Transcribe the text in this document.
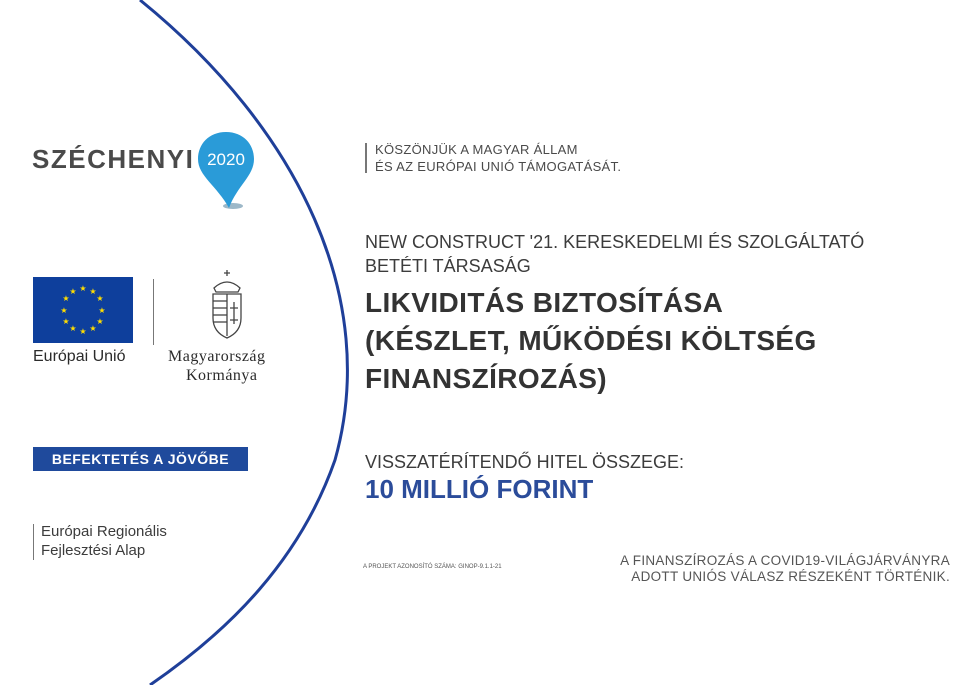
SZÉCHENYI 2020
★ ★
★
★
★
★
★
★
★
★
★
★
Európai Unió	Magyarország
Kormánya
BEFEKTETÉS A JÖVŐBE
Európai Regionális
Fejlesztési Alap
KÖSZÖNJÜK A MAGYAR ÁLLAM
ÉS AZ EURÓPAI UNIÓ TÁMOGATÁSÁT.
NEW CONSTRUCT '21. KERESKEDELMI ÉS SZOLGÁLTATÓ
BETÉTI TÁRSASÁG
LIKVIDITÁS BIZTOSÍTÁSA
(KÉSZLET, MŰKÖDÉSI KÖLTSÉG
FINANSZÍROZÁS)
VISSZATÉRÍTENDŐ HITEL ÖSSZEGE:
10 MILLIÓ FORINT
A PROJEKT AZONOSÍTÓ SZÁMA: GINOP-9.1.1-21	A FINANSZÍROZÁS A COVID19-VILÁGJÁRVÁNYRA
ADOTT UNIÓS VÁLASZ RÉSZEKÉNT TÖRTÉNIK.
